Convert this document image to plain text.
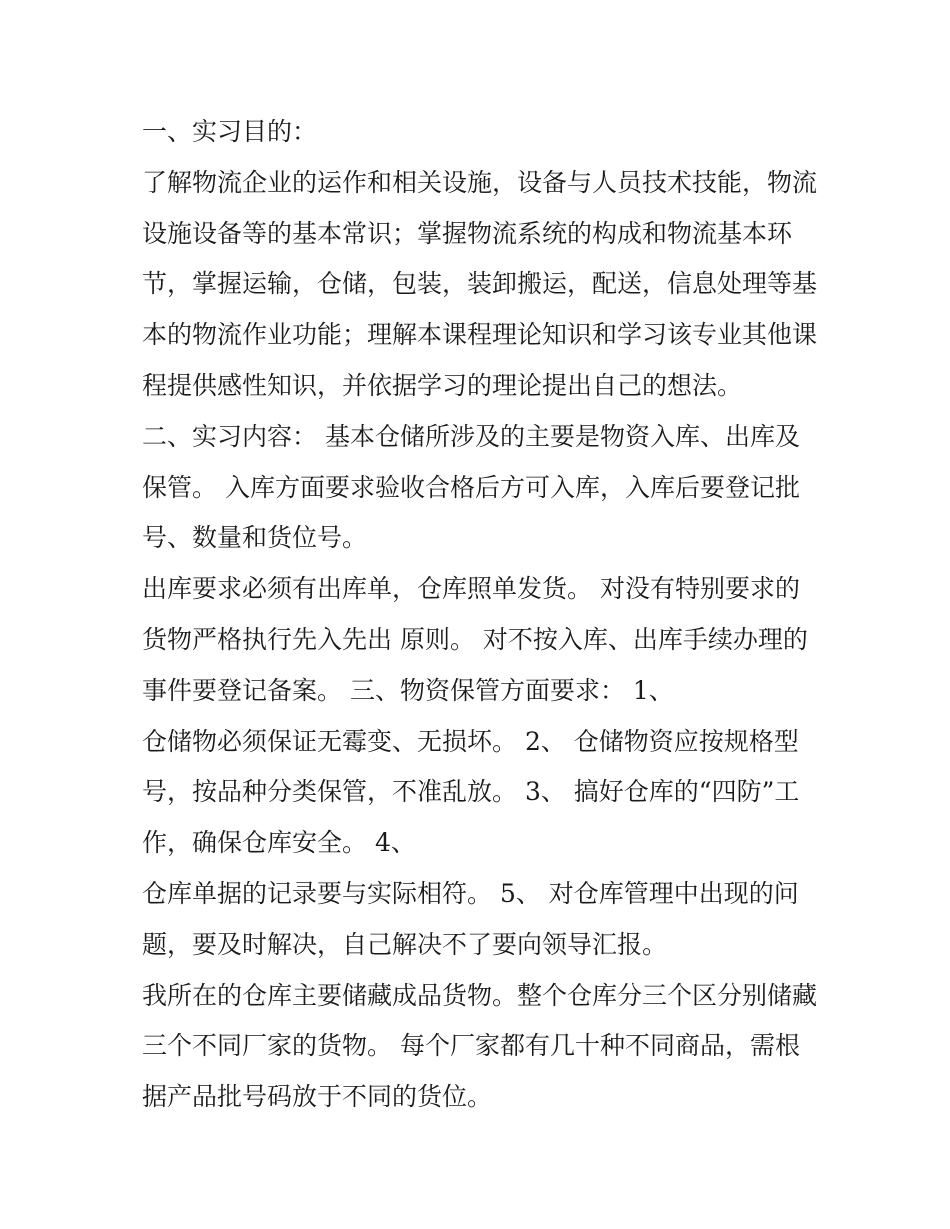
一、实习目的：

了解物流企业的运作和相关设施，设备与人员技术技能，物流

设施设备等的基本常识；掌握物流系统的构成和物流基本环

节，掌握运输，仓储，包装，装卸搬运，配送，信息处理等基

本的物流作业功能；理解本课程理论知识和学习该专业其他课

程提供感性知识，并依据学习的理论提出自己的想法。

二、实习内容： 基本仓储所涉及的主要是物资入库、出库及

保管。 入库方面要求验收合格后方可入库，入库后要登记批

号、数量和货位号。

出库要求必须有出库单，仓库照单发货。 对没有特别要求的

货物严格执行先入先出 原则。 对不按入库、出库手续办理的

事件要登记备案。 三、物资保管方面要求： 1、

仓储物必须保证无霉变、无损坏。 2、 仓储物资应按规格型

号，按品种分类保管，不准乱放。 3、 搞好仓库的“四防”工

作，确保仓库安全。 4、

仓库单据的记录要与实际相符。 5、 对仓库管理中出现的问

题，要及时解决，自己解决不了要向领导汇报。

我所在的仓库主要储藏成品货物。整个仓库分三个区分别储藏

三个不同厂家的货物。 每个厂家都有几十种不同商品，需根

据产品批号码放于不同的货位。
